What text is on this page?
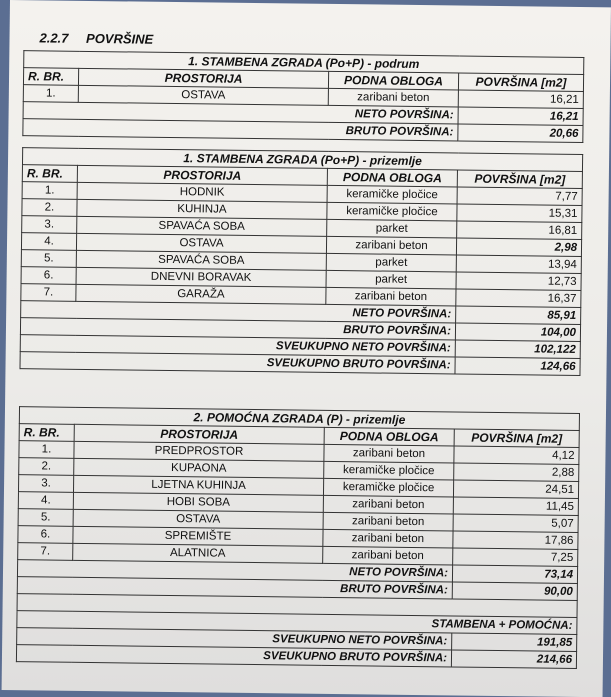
2.2.7 POVRŠINE

1. STAMBENA ZGRADA (Po+P) - podrum			
R. BR.	PROSTORIJA	PODNA OBLOGA	POVRŠINA [m2]
1.	OSTAVA	zaribani beton	16,21
NETO POVRŠINA:			16,21
BRUTO POVRŠINA:			20,66
1. STAMBENA ZGRADA (Po+P) - prizemlje			
R. BR.	PROSTORIJA	PODNA OBLOGA	POVRŠINA [m2]
1.	HODNIK	keramičke pločice	7,77
2.	KUHINJA	keramičke pločice	15,31
3.	SPAVAĆA SOBA	parket	16,81
4.	OSTAVA	zaribani beton	2,98
5.	SPAVAĆA SOBA	parket	13,94
6.	DNEVNI BORAVAK	parket	12,73
7.	GARAŽA	zaribani beton	16,37
NETO POVRŠINA:			85,91
BRUTO POVRŠINA:			104,00
SVEUKUPNO NETO POVRŠINA:			102,122
SVEUKUPNO BRUTO POVRŠINA:			124,66
2. POMOĆNA ZGRADA (P) - prizemlje			
R. BR.	PROSTORIJA	PODNA OBLOGA	POVRŠINA [m2]
1.	PREDPROSTOR	zaribani beton	4,12
2.	KUPAONA	keramičke pločice	2,88
3.	LJETNA KUHINJA	keramičke pločice	24,51
4.	HOBI SOBA	zaribani beton	11,45
5.	OSTAVA	zaribani beton	5,07
6.	SPREMIŠTE	zaribani beton	17,86
7.	ALATNICA	zaribani beton	7,25
NETO POVRŠINA:			73,14
BRUTO POVRŠINA:			90,00

STAMBENA + POMOĆNA:			
SVEUKUPNO NETO POVRŠINA:			191,85
SVEUKUPNO BRUTO POVRŠINA:			214,66
